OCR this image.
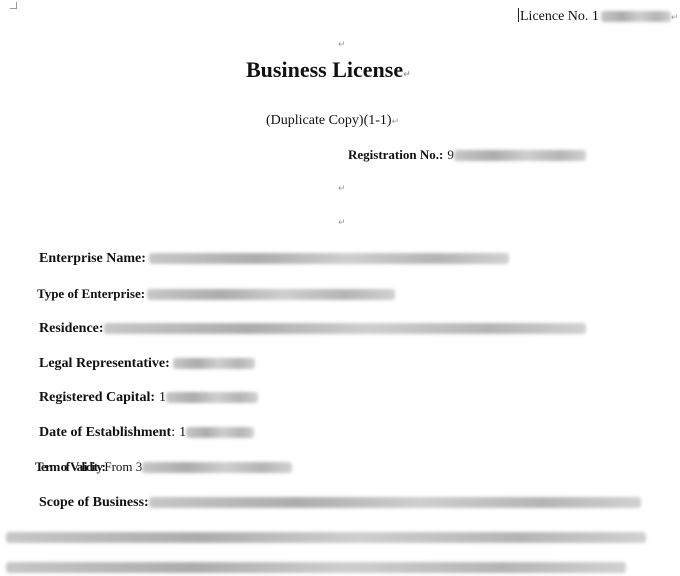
Licence No. 1	↵
↵
Business License↵
(Duplicate Copy)(1-1)↵
Registration No.: 9
↵
↵
Enterprise Name:
Type of Enterprise:
Residence:
Legal Representative:
Registered Capital: 1
Date of Establishment: 1
Term of Validity:From 3
Scope of Business:
